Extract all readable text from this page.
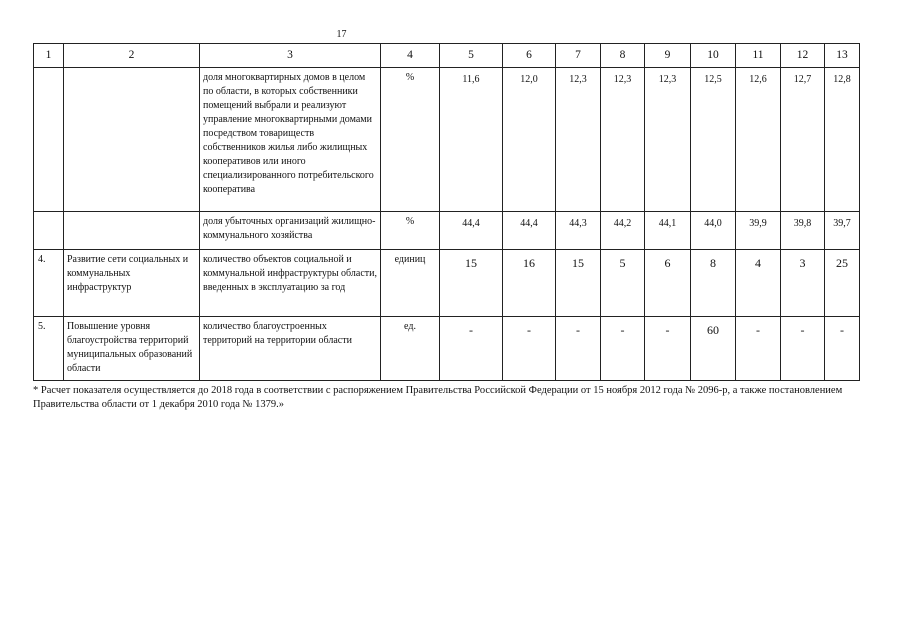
17
1	2	3	4	5	6	7	8	9	10	11	12	13
		доля многоквартирных домов в целом по области, в которых собственники помещений выбрали и реализуют управление многоквартирными домами посредством товариществ собственников жилья либо жилищных кооперативов или иного специализированного потребительского кооператива	%	11,6	12,0	12,3	12,3	12,3	12,5	12,6	12,7	12,8
		доля убыточных организаций жилищно-коммунального хозяйства	%	44,4	44,4	44,3	44,2	44,1	44,0	39,9	39,8	39,7
4.	Развитие сети социальных и коммунальных инфраструктур	количество объектов социальной и коммунальной инфраструктуры области, введенных в эксплуатацию за год	единиц	15	16	15	5	6	8	4	3	25
5.	Повышение уровня благоустройства территорий муниципальных образований области	количество благоустроенных территорий на территории области	ед.	-	-	-	-	-	60	-	-	-
* Расчет показателя осуществляется до 2018 года в соответствии с распоряжением Правительства Российской Федерации от 15 ноября 2012 года № 2096-р, а также постановлением Правительства области от 1 декабря 2010 года № 1379.»
